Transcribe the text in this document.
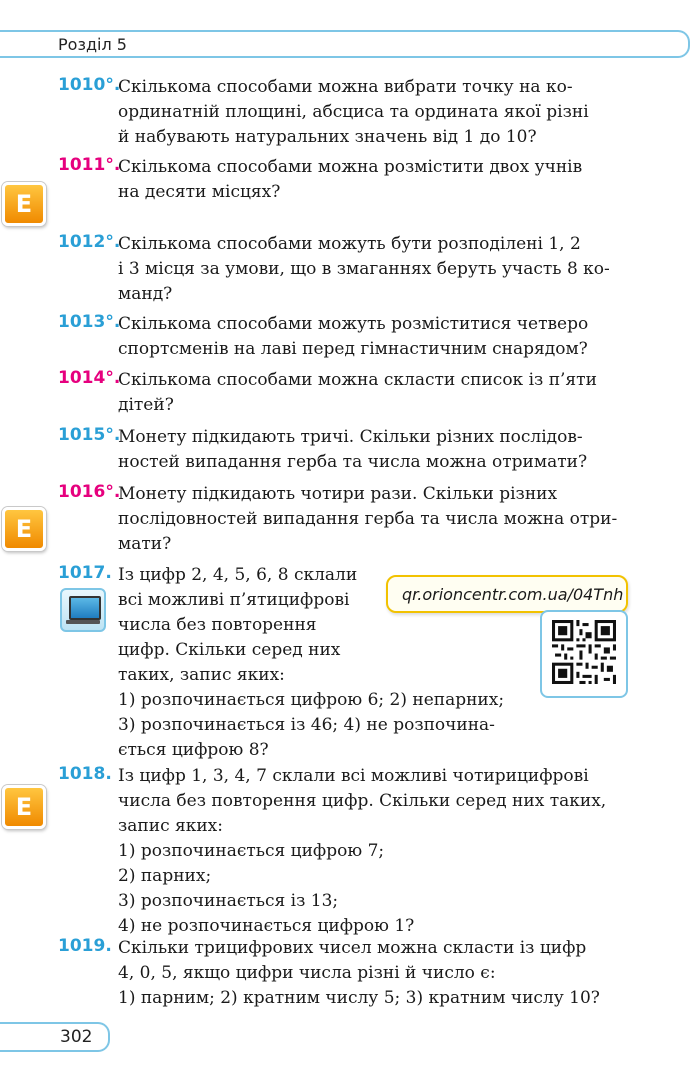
Розділ 5
1010°.

Скількома способами можна вибрати точку на ко-

ординатній площині, абсциса та ордината якої різні

й набувають натуральних значень від 1 до 10?

1011°.

Скількома способами можна розмістити двох учнів

на десяти місцях?

E
1012°.

Скількома способами можуть бути розподілені 1, 2

і 3 місця за умови, що в змаганнях беруть участь 8 ко-

манд?

1013°.

Скількома способами можуть розміститися четверо

спортсменів на лаві перед гімнастичним снарядом?

1014°.

Скількома способами можна скласти список із п’яти

дітей?

1015°.

Монету підкидають тричі. Скільки різних послідов-

ностей випадання герба та числа можна отримати?

1016°.

Монету підкидають чотири рази. Скільки різних

послідовностей випадання герба та числа можна отри-

мати?

E
1017. Із цифр 2, 4, 5, 6, 8 склали

всі можливі п’ятицифрові

числа без повторення

цифр. Скільки серед них

таких, запис яких:

1) розпочинається цифрою 6; 2) непарних;

3) розпочинається із 46; 4) не розпочина-

ється цифрою 8?

qr.orioncentr.com.ua/04Tnh
1018. Із цифр 1, 3, 4, 7 склали всі можливі чотирицифрові

числа без повторення цифр. Скільки серед них таких,

запис яких:

1) розпочинається цифрою 7;

2) парних;

3) розпочинається із 13;

4) не розпочинається цифрою 1?

E
1019. Скільки трицифрових чисел можна скласти із цифр

4, 0, 5, якщо цифри числа різні й число є:

1) парним; 2) кратним числу 5; 3) кратним числу 10?

302
